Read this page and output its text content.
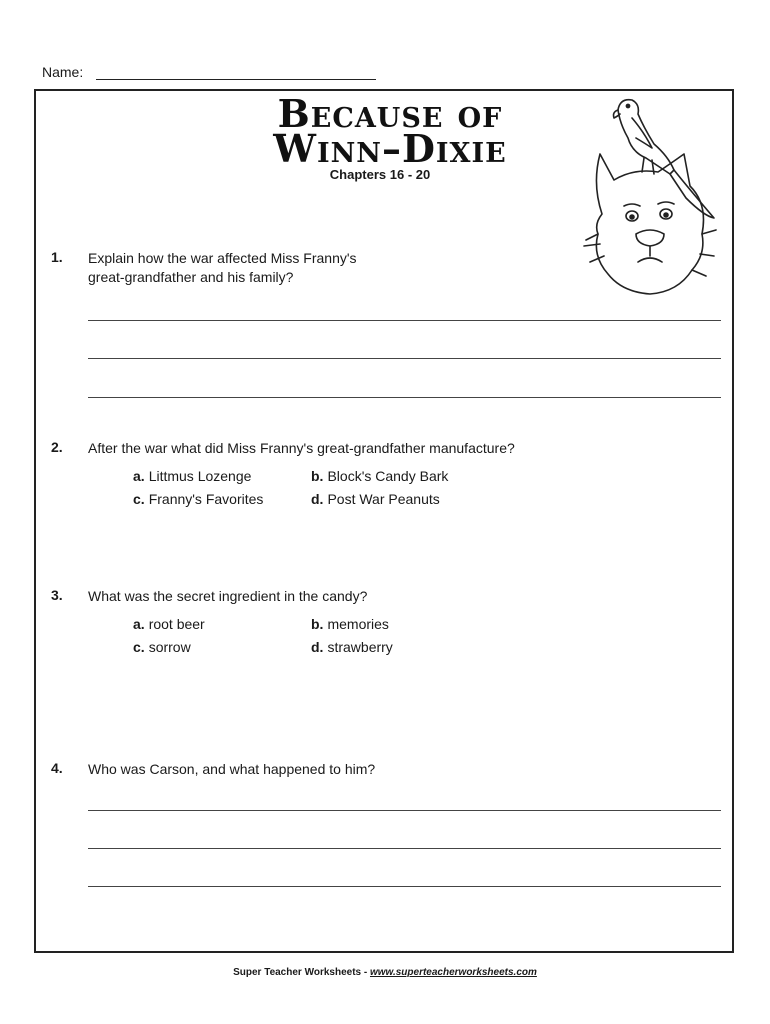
Name:
Because of
Winn–Dixie
Chapters 16 - 20
1. Explain how the war affected Miss Franny's
great-grandfather and his family?
2. After the war what did Miss Franny's great-grandfather manufacture?
a. Littmus Lozenge	b. Block's Candy Bark
c. Franny's Favorites	d. Post War Peanuts
3. What was the secret ingredient in the candy?
a. root beer	b. memories
c. sorrow	d. strawberry
4. Who was Carson, and what happened to him?
Super Teacher Worksheets - www.superteacherworksheets.com
